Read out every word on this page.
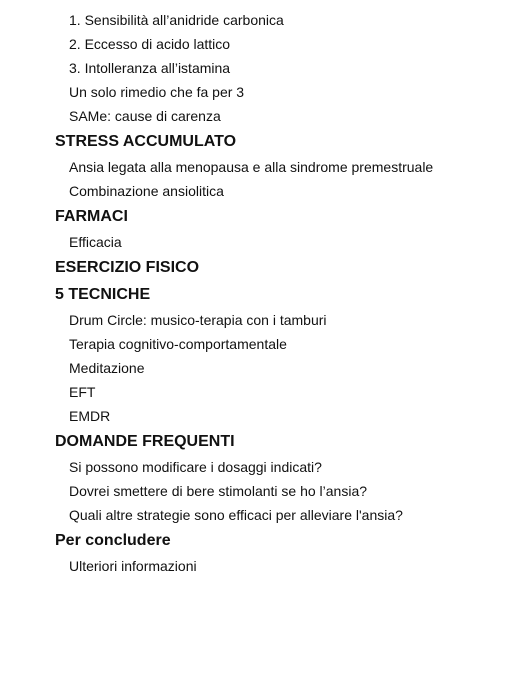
1. Sensibilità all’anidride carbonica
2. Eccesso di acido lattico
3. Intolleranza all’istamina
Un solo rimedio che fa per 3
SAMe: cause di carenza
STRESS ACCUMULATO
Ansia legata alla menopausa e alla sindrome premestruale
Combinazione ansiolitica
FARMACI
Efficacia
ESERCIZIO FISICO
5 TECNICHE
Drum Circle: musico-terapia con i tamburi
Terapia cognitivo-comportamentale
Meditazione
EFT
EMDR
DOMANDE FREQUENTI
Si possono modificare i dosaggi indicati?
Dovrei smettere di bere stimolanti se ho l’ansia?
Quali altre strategie sono efficaci per alleviare l'ansia?
Per concludere
Ulteriori informazioni
